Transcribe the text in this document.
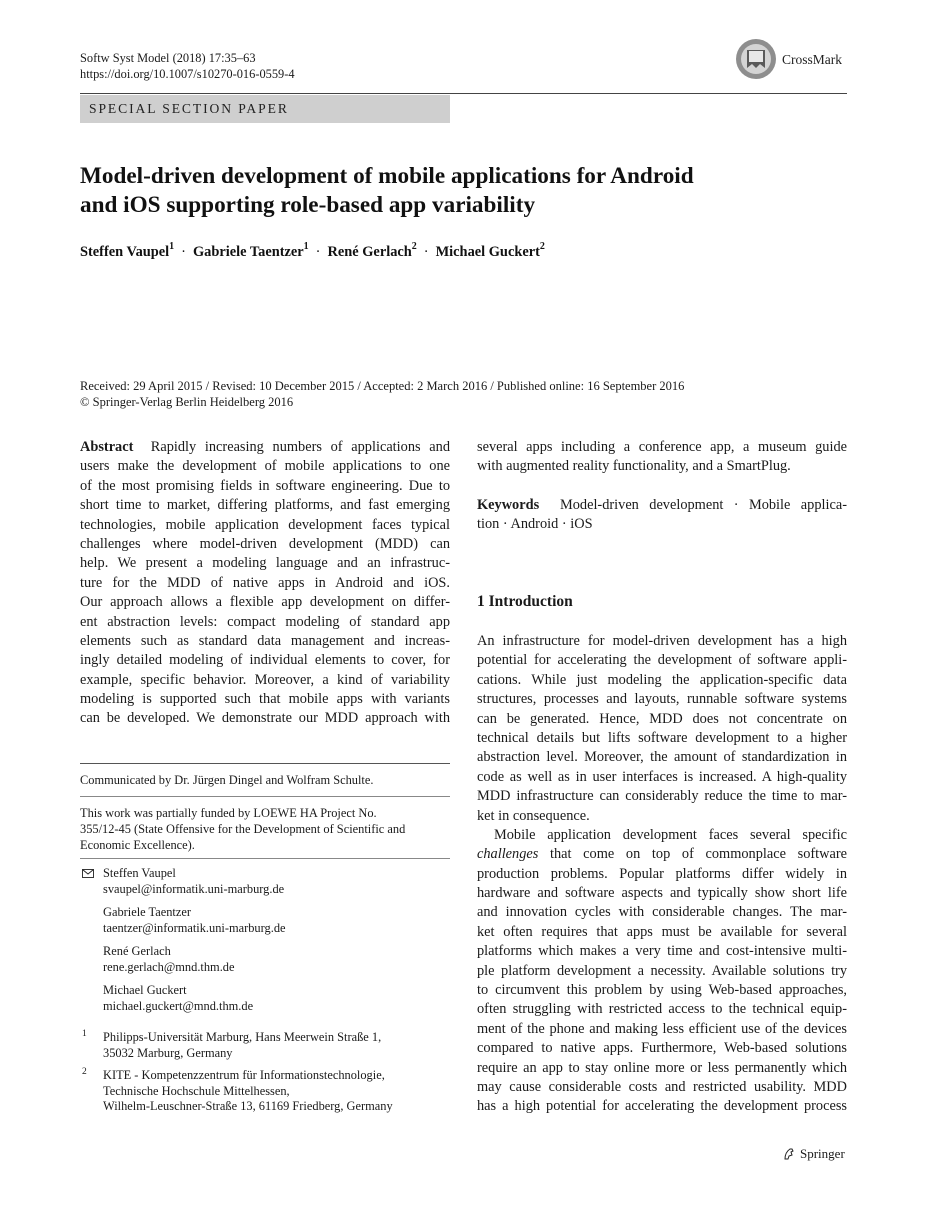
Softw Syst Model (2018) 17:35–63
https://doi.org/10.1007/s10270-016-0559-4
CrossMark
SPECIAL SECTION PAPER
Model-driven development of mobile applications for Android
and iOS supporting role-based app variability
Steffen Vaupel$^1$ · Gabriele Taentzer$^1$ · René Gerlach$^2$ · Michael Guckert$^2$
Received: 29 April 2015 / Revised: 10 December 2015 / Accepted: 2 March 2016 / Published online: 16 September 2016
© Springer-Verlag Berlin Heidelberg 2016
Abstract Rapidly increasing numbers of applications and
users make the development of mobile applications to one
of the most promising fields in software engineering. Due to
short time to market, differing platforms, and fast emerging
technologies, mobile application development faces typical
challenges where model-driven development (MDD) can
help. We present a modeling language and an infrastruc-
ture for the MDD of native apps in Android and iOS.
Our approach allows a flexible app development on differ-
ent abstraction levels: compact modeling of standard app
elements such as standard data management and increas-
ingly detailed modeling of individual elements to cover, for
example, specific behavior. Moreover, a kind of variability
modeling is supported such that mobile apps with variants
can be developed. We demonstrate our MDD approach with
Communicated by Dr. Jürgen Dingel and Wolfram Schulte.
This work was partially funded by LOEWE HA Project No.
355/12-45 (State Offensive for the Development of Scientific and
Economic Excellence).
Steffen Vaupel
svaupel@informatik.uni-marburg.de
Gabriele Taentzer
taentzer@informatik.uni-marburg.de
René Gerlach
rene.gerlach@mnd.thm.de
Michael Guckert
michael.guckert@mnd.thm.de
1 Philipps-Universität Marburg, Hans Meerwein Straße 1,
35032 Marburg, Germany
2 KITE - Kompetenzzentrum für Informationstechnologie,
Technische Hochschule Mittelhessen,
Wilhelm-Leuschner-Straße 13, 61169 Friedberg, Germany
several apps including a conference app, a museum guide
with augmented reality functionality, and a SmartPlug.
Keywords Model-driven development · Mobile applica-
tion · Android · iOS
1 Introduction
An infrastructure for model-driven development has a high
potential for accelerating the development of software appli-
cations. While just modeling the application-specific data
structures, processes and layouts, runnable software systems
can be generated. Hence, MDD does not concentrate on
technical details but lifts software development to a higher
abstraction level. Moreover, the amount of standardization in
code as well as in user interfaces is increased. A high-quality
MDD infrastructure can considerably reduce the time to mar-
ket in consequence.
Mobile application development faces several specific
challenges that come on top of commonplace software
production problems. Popular platforms differ widely in
hardware and software aspects and typically show short life
and innovation cycles with considerable changes. The mar-
ket often requires that apps must be available for several
platforms which makes a very time and cost-intensive multi-
ple platform development a necessity. Available solutions try
to circumvent this problem by using Web-based approaches,
often struggling with restricted access to the technical equip-
ment of the phone and making less efficient use of the devices
compared to native apps. Furthermore, Web-based solutions
require an app to stay online more or less permanently which
may cause considerable costs and restricted usability. MDD
has a high potential for accelerating the development process
Springer
